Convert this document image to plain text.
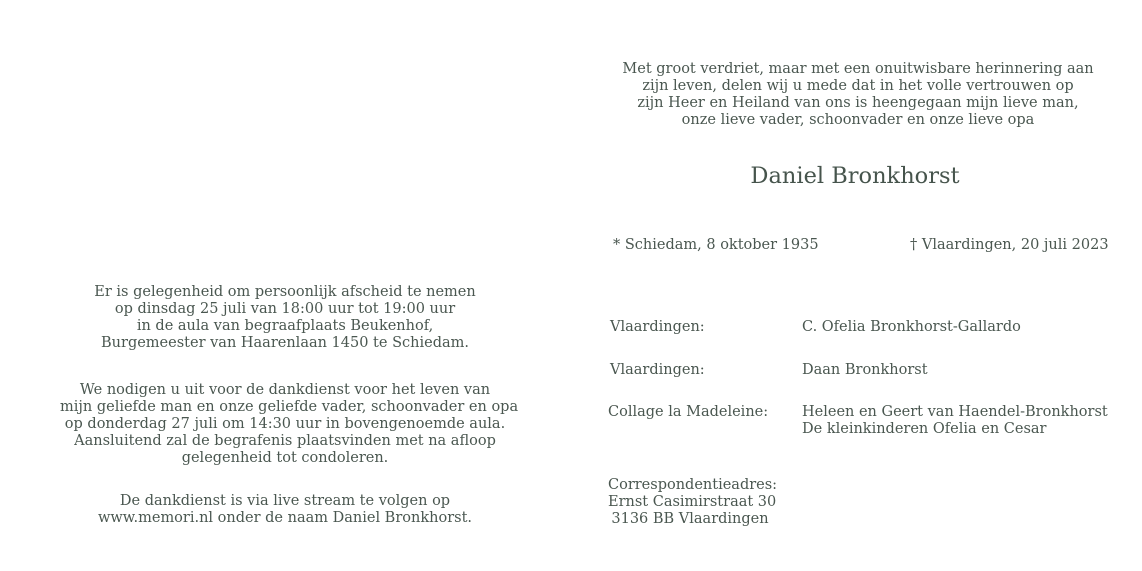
Er is gelegenheid om persoonlijk afscheid te nemen
op dinsdag 25 juli van 18:00 uur tot 19:00 uur
in de aula van begraafplaats Beukenhof,
Burgemeester van Haarenlaan 1450 te Schiedam.
We nodigen u uit voor de dankdienst voor het leven van
mijn geliefde man en onze geliefde vader, schoonvader en opa
op donderdag 27 juli om 14:30 uur in bovengenoemde aula.
Aansluitend zal de begrafenis plaatsvinden met na afloop
gelegenheid tot condoleren.
De dankdienst is via live stream te volgen op
www.memori.nl onder de naam Daniel Bronkhorst.
Met groot verdriet, maar met een onuitwisbare herinnering aan
zijn leven, delen wij u mede dat in het volle vertrouwen op
zijn Heer en Heiland van ons is heengegaan mijn lieve man,
onze lieve vader, schoonvader en onze lieve opa
Daniel Bronkhorst
* Schiedam, 8 oktober 1935	† Vlaardingen, 20 juli 2023
Vlaardingen:	C. Ofelia Bronkhorst-Gallardo
Vlaardingen:	Daan Bronkhorst
Collage la Madeleine: Heleen en Geert van Haendel-Bronkhorst
De kleinkinderen Ofelia en Cesar
Correspondentieadres:
Ernst Casimirstraat 30
3136 BB Vlaardingen
